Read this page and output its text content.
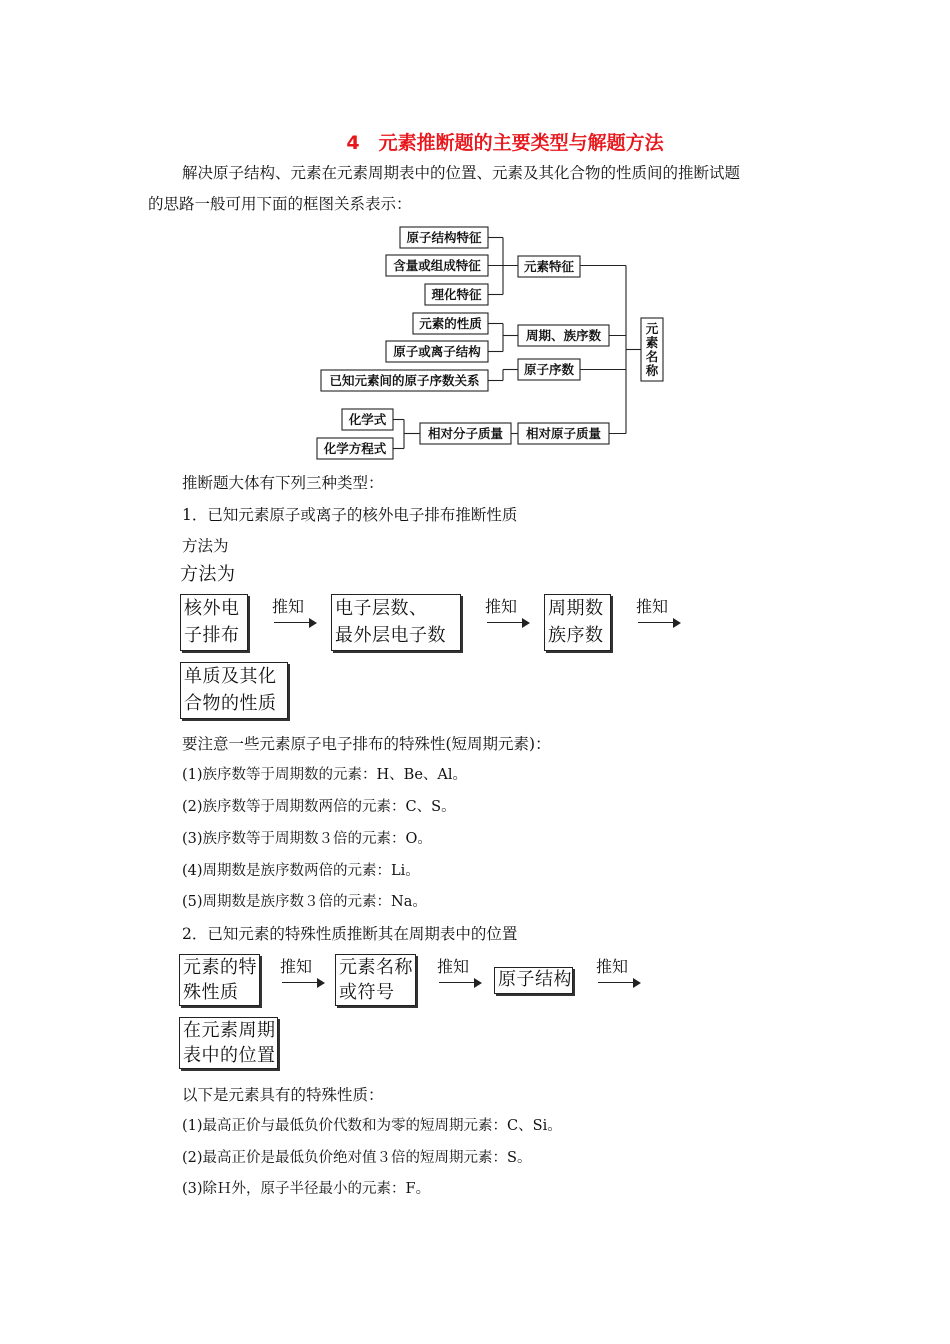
4　元素推断题的主要类型与解题方法
解决原子结构、元素在元素周期表中的位置、元素及其化合物的性质间的推断试题
的思路一般可用下面的框图关系表示：
原子结构特征
含量或组成特征
理化特征
元素的性质
原子或离子结构
已知元素间的原子序数关系
化学式
化学方程式
元素特征
周期、族序数
原子序数
相对分子质量 相对原子质量
元素名称
推断题大体有下列三种类型：
1．已知元素原子或离子的核外电子排布推断性质
方法为
方法为
核外电
子排布
推知 电子层数、
最外层电子数
推知 周期数
族序数
推知
单质及其化
合物的性质
要注意一些元素原子电子排布的特殊性(短周期元素)：
(1)族序数等于周期数的元素：H、Be、Al。
(2)族序数等于周期数两倍的元素：C、S。
(3)族序数等于周期数３倍的元素：O。
(4)周期数是族序数两倍的元素：Li。
(5)周期数是族序数３倍的元素：Na。
2．已知元素的特殊性质推断其在周期表中的位置
元素的特
殊性质
推知 元素名称
或符号
推知
原子结构
推知
在元素周期
表中的位置
以下是元素具有的特殊性质：
(1)最高正价与最低负价代数和为零的短周期元素：C、Si。
(2)最高正价是最低负价绝对值３倍的短周期元素：S。
(3)除Ｈ外，原子半径最小的元素：F。
